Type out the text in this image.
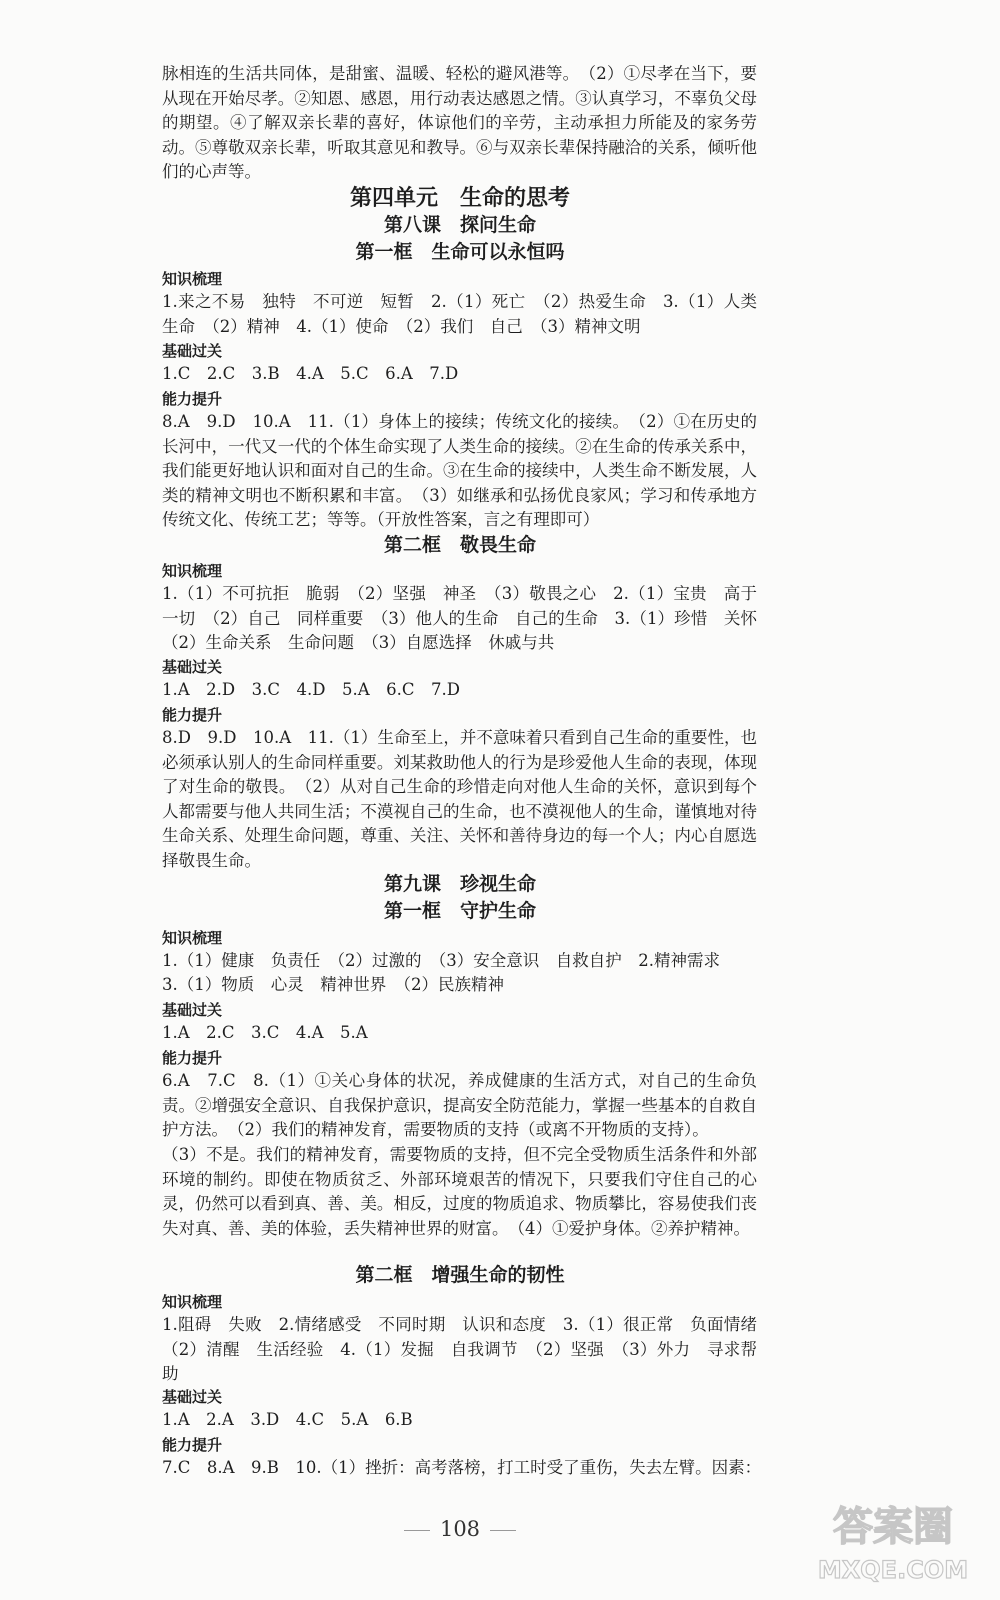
脉相连的生活共同体，是甜蜜、温暖、轻松的避风港等。　（2）①尽孝在当下，要从现在开始尽孝。②知恩、感恩，用行动表达感恩之情。③认真学习，不辜负父母的期望。④了解双亲长辈的喜好，体谅他们的辛劳，主动承担力所能及的家务劳动。⑤尊敬双亲长辈，听取其意见和教导。⑥与双亲长辈保持融洽的关系，倾听他们的心声等。

第四单元　生命的思考
第八课　探问生命
第一框　生命可以永恒吗

知识梳理

1.来之不易　独特　不可逆　短暂　2.（1）死亡　（2）热爱生命　3.（1）人类生命　（2）精神　4.（1）使命　（2）我们　自己　（3）精神文明

基础过关

1.C　2.C　3.B　4.A　5.C　6.A　7.D

能力提升

8.A　9.D　10.A　11.（1）身体上的接续；传统文化的接续。　（2）①在历史的长河中，一代又一代的个体生命实现了人类生命的接续。②在生命的传承关系中，我们能更好地认识和面对自己的生命。③在生命的接续中，人类生命不断发展，人类的精神文明也不断积累和丰富。　（3）如继承和弘扬优良家风；学习和传承地方传统文化、传统工艺；等等。（开放性答案，言之有理即可）

第二框　敬畏生命

知识梳理

1.（1）不可抗拒　脆弱　（2）坚强　神圣　（3）敬畏之心　2.（1）宝贵　高于一切　（2）自己　同样重要　（3）他人的生命　自己的生命　3.（1）珍惜　关怀（2）生命关系　生命问题　（3）自愿选择　休戚与共

基础过关

1.A　2.D　3.C　4.D　5.A　6.C　7.D

能力提升

8.D　9.D　10.A　11.（1）生命至上，并不意味着只看到自己生命的重要性，也必须承认别人的生命同样重要。刘某救助他人的行为是珍爱他人生命的表现，体现了对生命的敬畏。　（2）从对自己生命的珍惜走向对他人生命的关怀，意识到每个人都需要与他人共同生活；不漠视自己的生命，也不漠视他人的生命，谨慎地对待生命关系、处理生命问题，尊重、关注、关怀和善待身边的每一个人；内心自愿选择敬畏生命。

第九课　珍视生命
第一框　守护生命

知识梳理

1.（1）健康　负责任　（2）过激的　（3）安全意识　自救自护　2.精神需求

3.（1）物质　心灵　精神世界　（2）民族精神

基础过关

1.A　2.C　3.C　4.A　5.A

能力提升

6.A　7.C　8.（1）①关心身体的状况，养成健康的生活方式，对自己的生命负责。②增强安全意识、自我保护意识，提高安全防范能力，掌握一些基本的自救自护方法。　（2）我们的精神发育，需要物质的支持（或离不开物质的支持）。

（3）不是。我们的精神发育，需要物质的支持，但不完全受物质生活条件和外部环境的制约。即使在物质贫乏、外部环境艰苦的情况下，只要我们守住自己的心灵，仍然可以看到真、善、美。相反，过度的物质追求、物质攀比，容易使我们丧失对真、善、美的体验，丢失精神世界的财富。　（4）①爱护身体。②养护精神。

第二框　增强生命的韧性

知识梳理

1.阻碍　失败　2.情绪感受　不同时期　认识和态度　3.（1）很正常　负面情绪　（2）清醒　生活经验　4.（1）发掘　自我调节　（2）坚强　（3）外力　寻求帮助

基础过关

1.A　2.A　3.D　4.C　5.A　6.B

能力提升

7.C　8.A　9.B　10.（1）挫折：高考落榜，打工时受了重伤，失去左臂。因素：

108	答案圈
MXQE.COM
